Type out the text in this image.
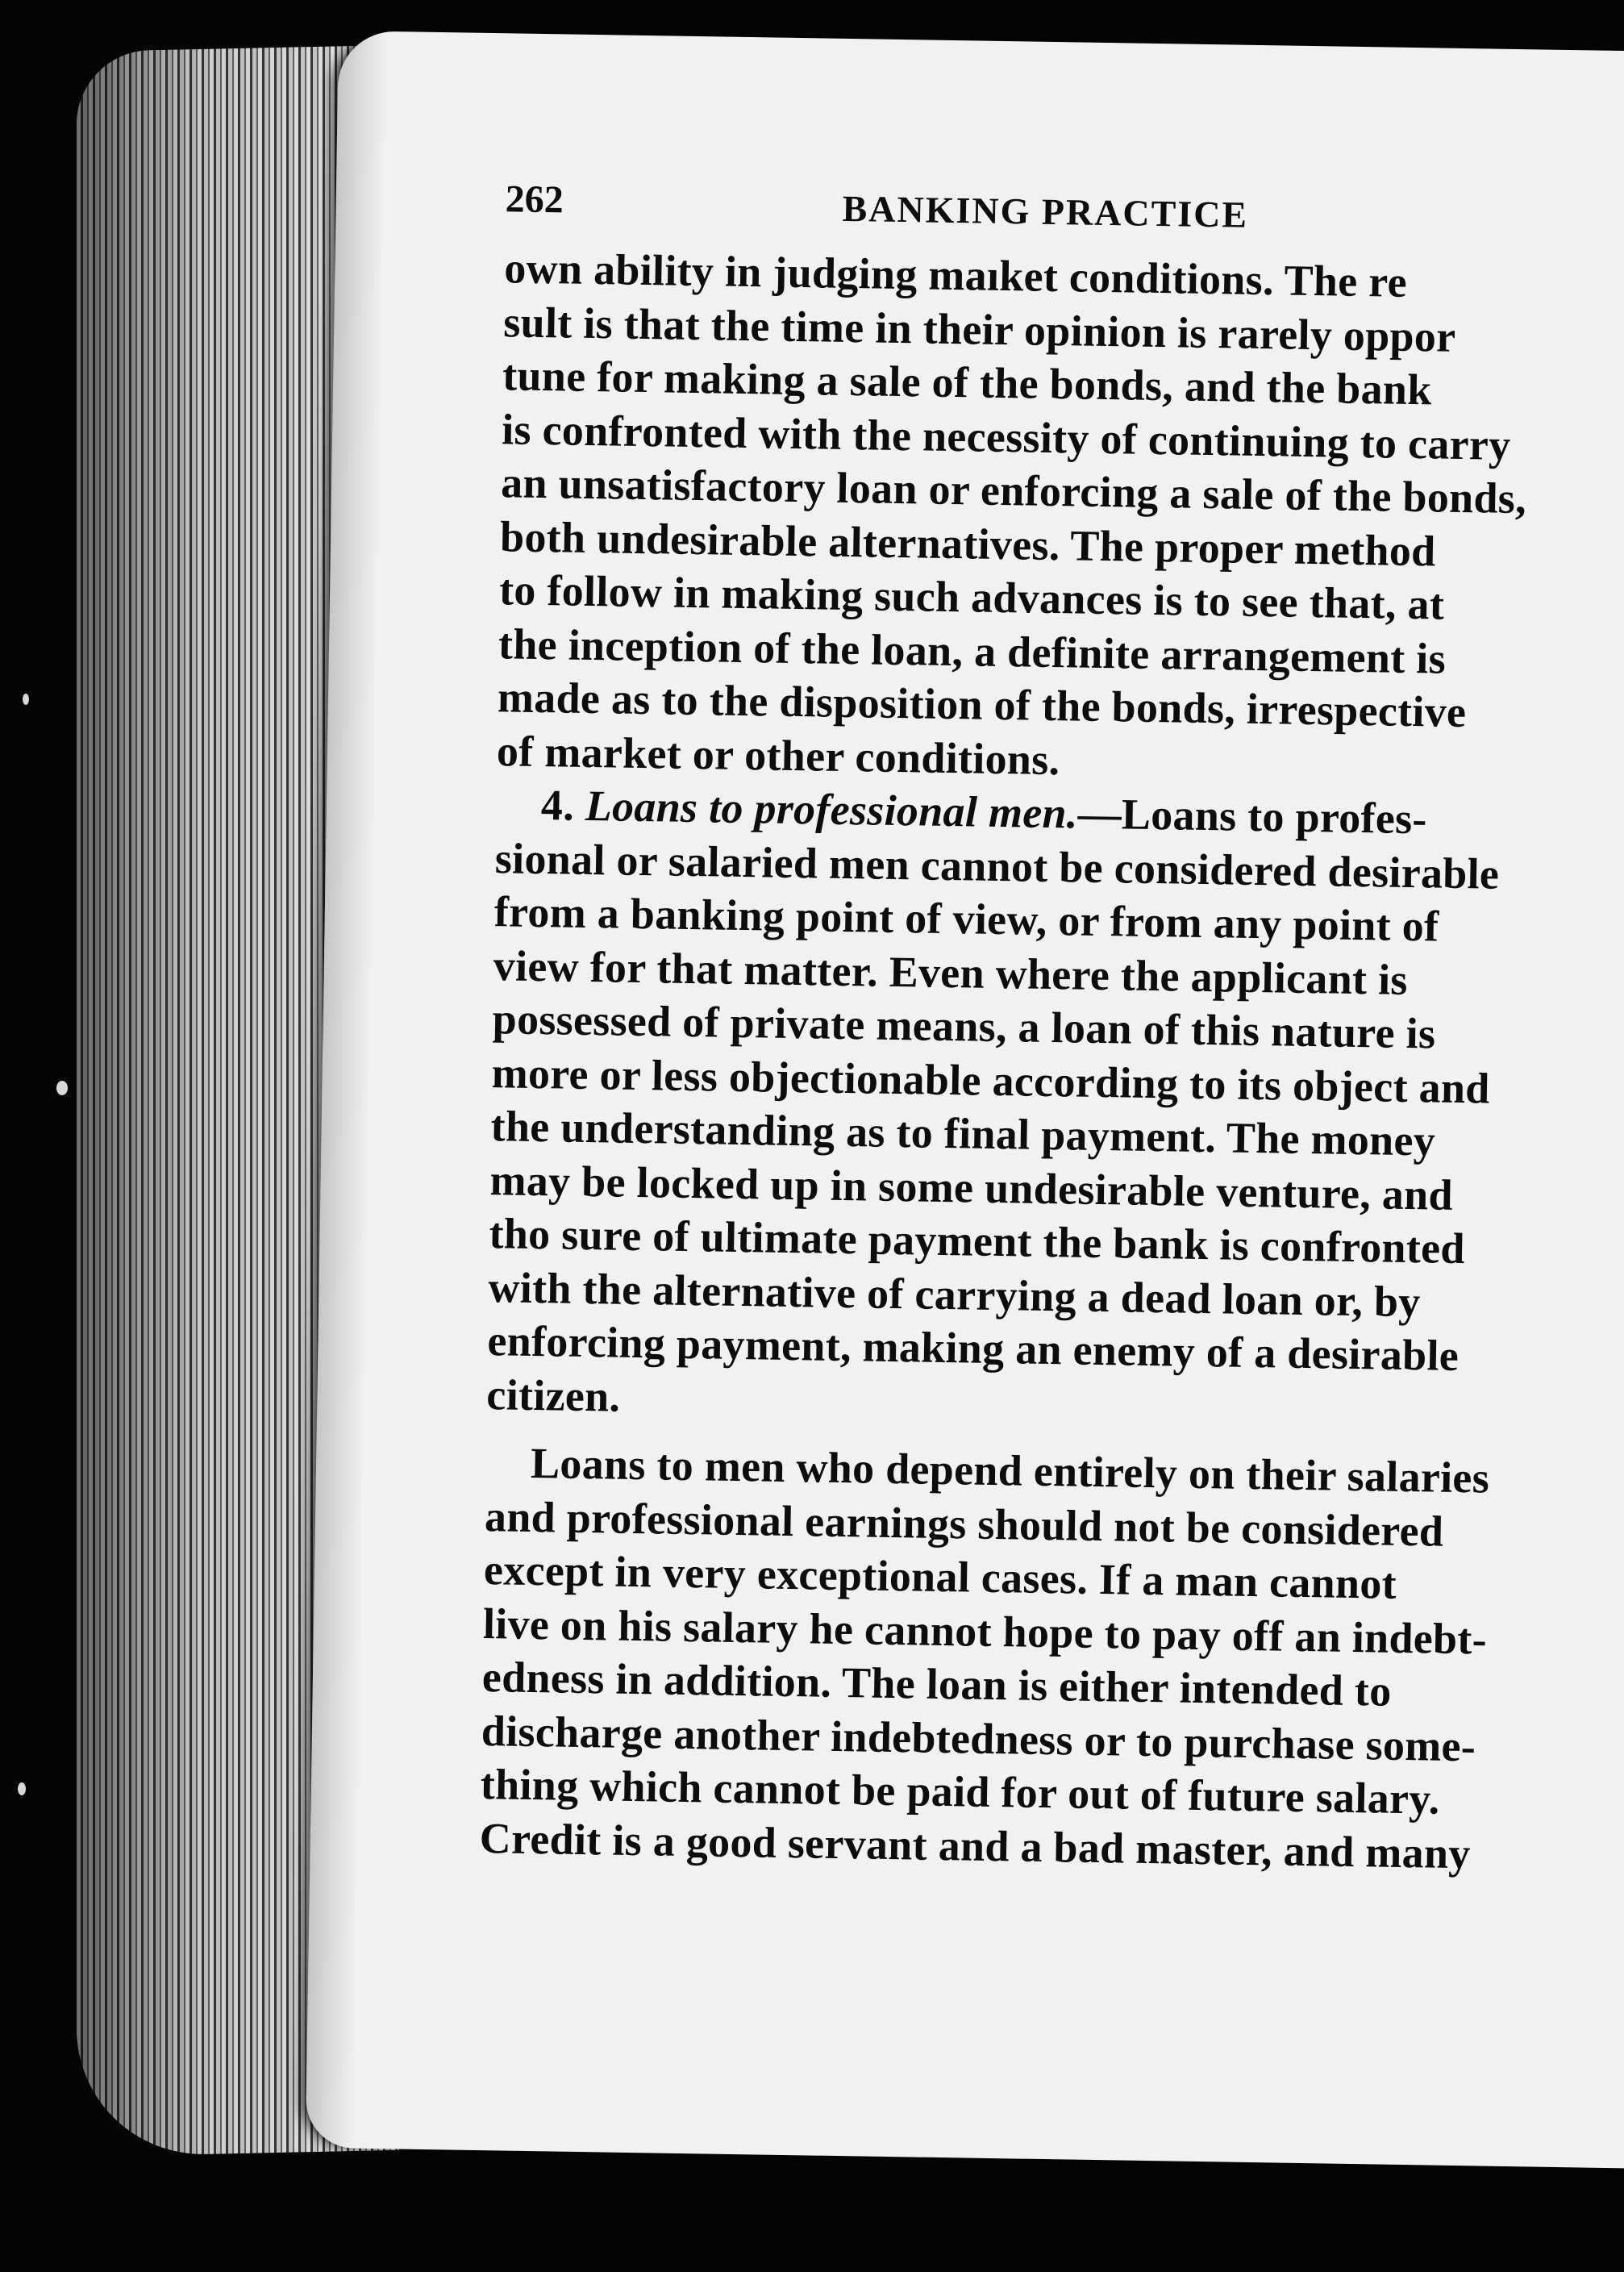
262	BANKING PRACTICE
own ability in judging maıket conditions. The re
sult is that the time in their opinion is rarely oppor
tune for making a sale of the bonds, and the bank
is confronted with the necessity of continuing to carry
an unsatisfactory loan or enforcing a sale of the bonds,
both undesirable alternatives. The proper method
to follow in making such advances is to see that, at
the inception of the loan, a definite arrangement is
made as to the disposition of the bonds, irrespective
of market or other conditions.
4. Loans to professional men.—Loans to profes-
sional or salaried men cannot be considered desirable
from a banking point of view, or from any point of
view for that matter. Even where the applicant is
possessed of private means, a loan of this nature is
more or less objectionable according to its object and
the understanding as to final payment. The money
may be locked up in some undesirable venture, and
tho sure of ultimate payment the bank is confronted
with the alternative of carrying a dead loan or, by
enforcing payment, making an enemy of a desirable
citizen.
Loans to men who depend entirely on their salaries
and professional earnings should not be considered
except in very exceptional cases. If a man cannot
live on his salary he cannot hope to pay off an indebt-
edness in addition. The loan is either intended to
discharge another indebtedness or to purchase some-
thing which cannot be paid for out of future salary.
Credit is a good servant and a bad master, and many
